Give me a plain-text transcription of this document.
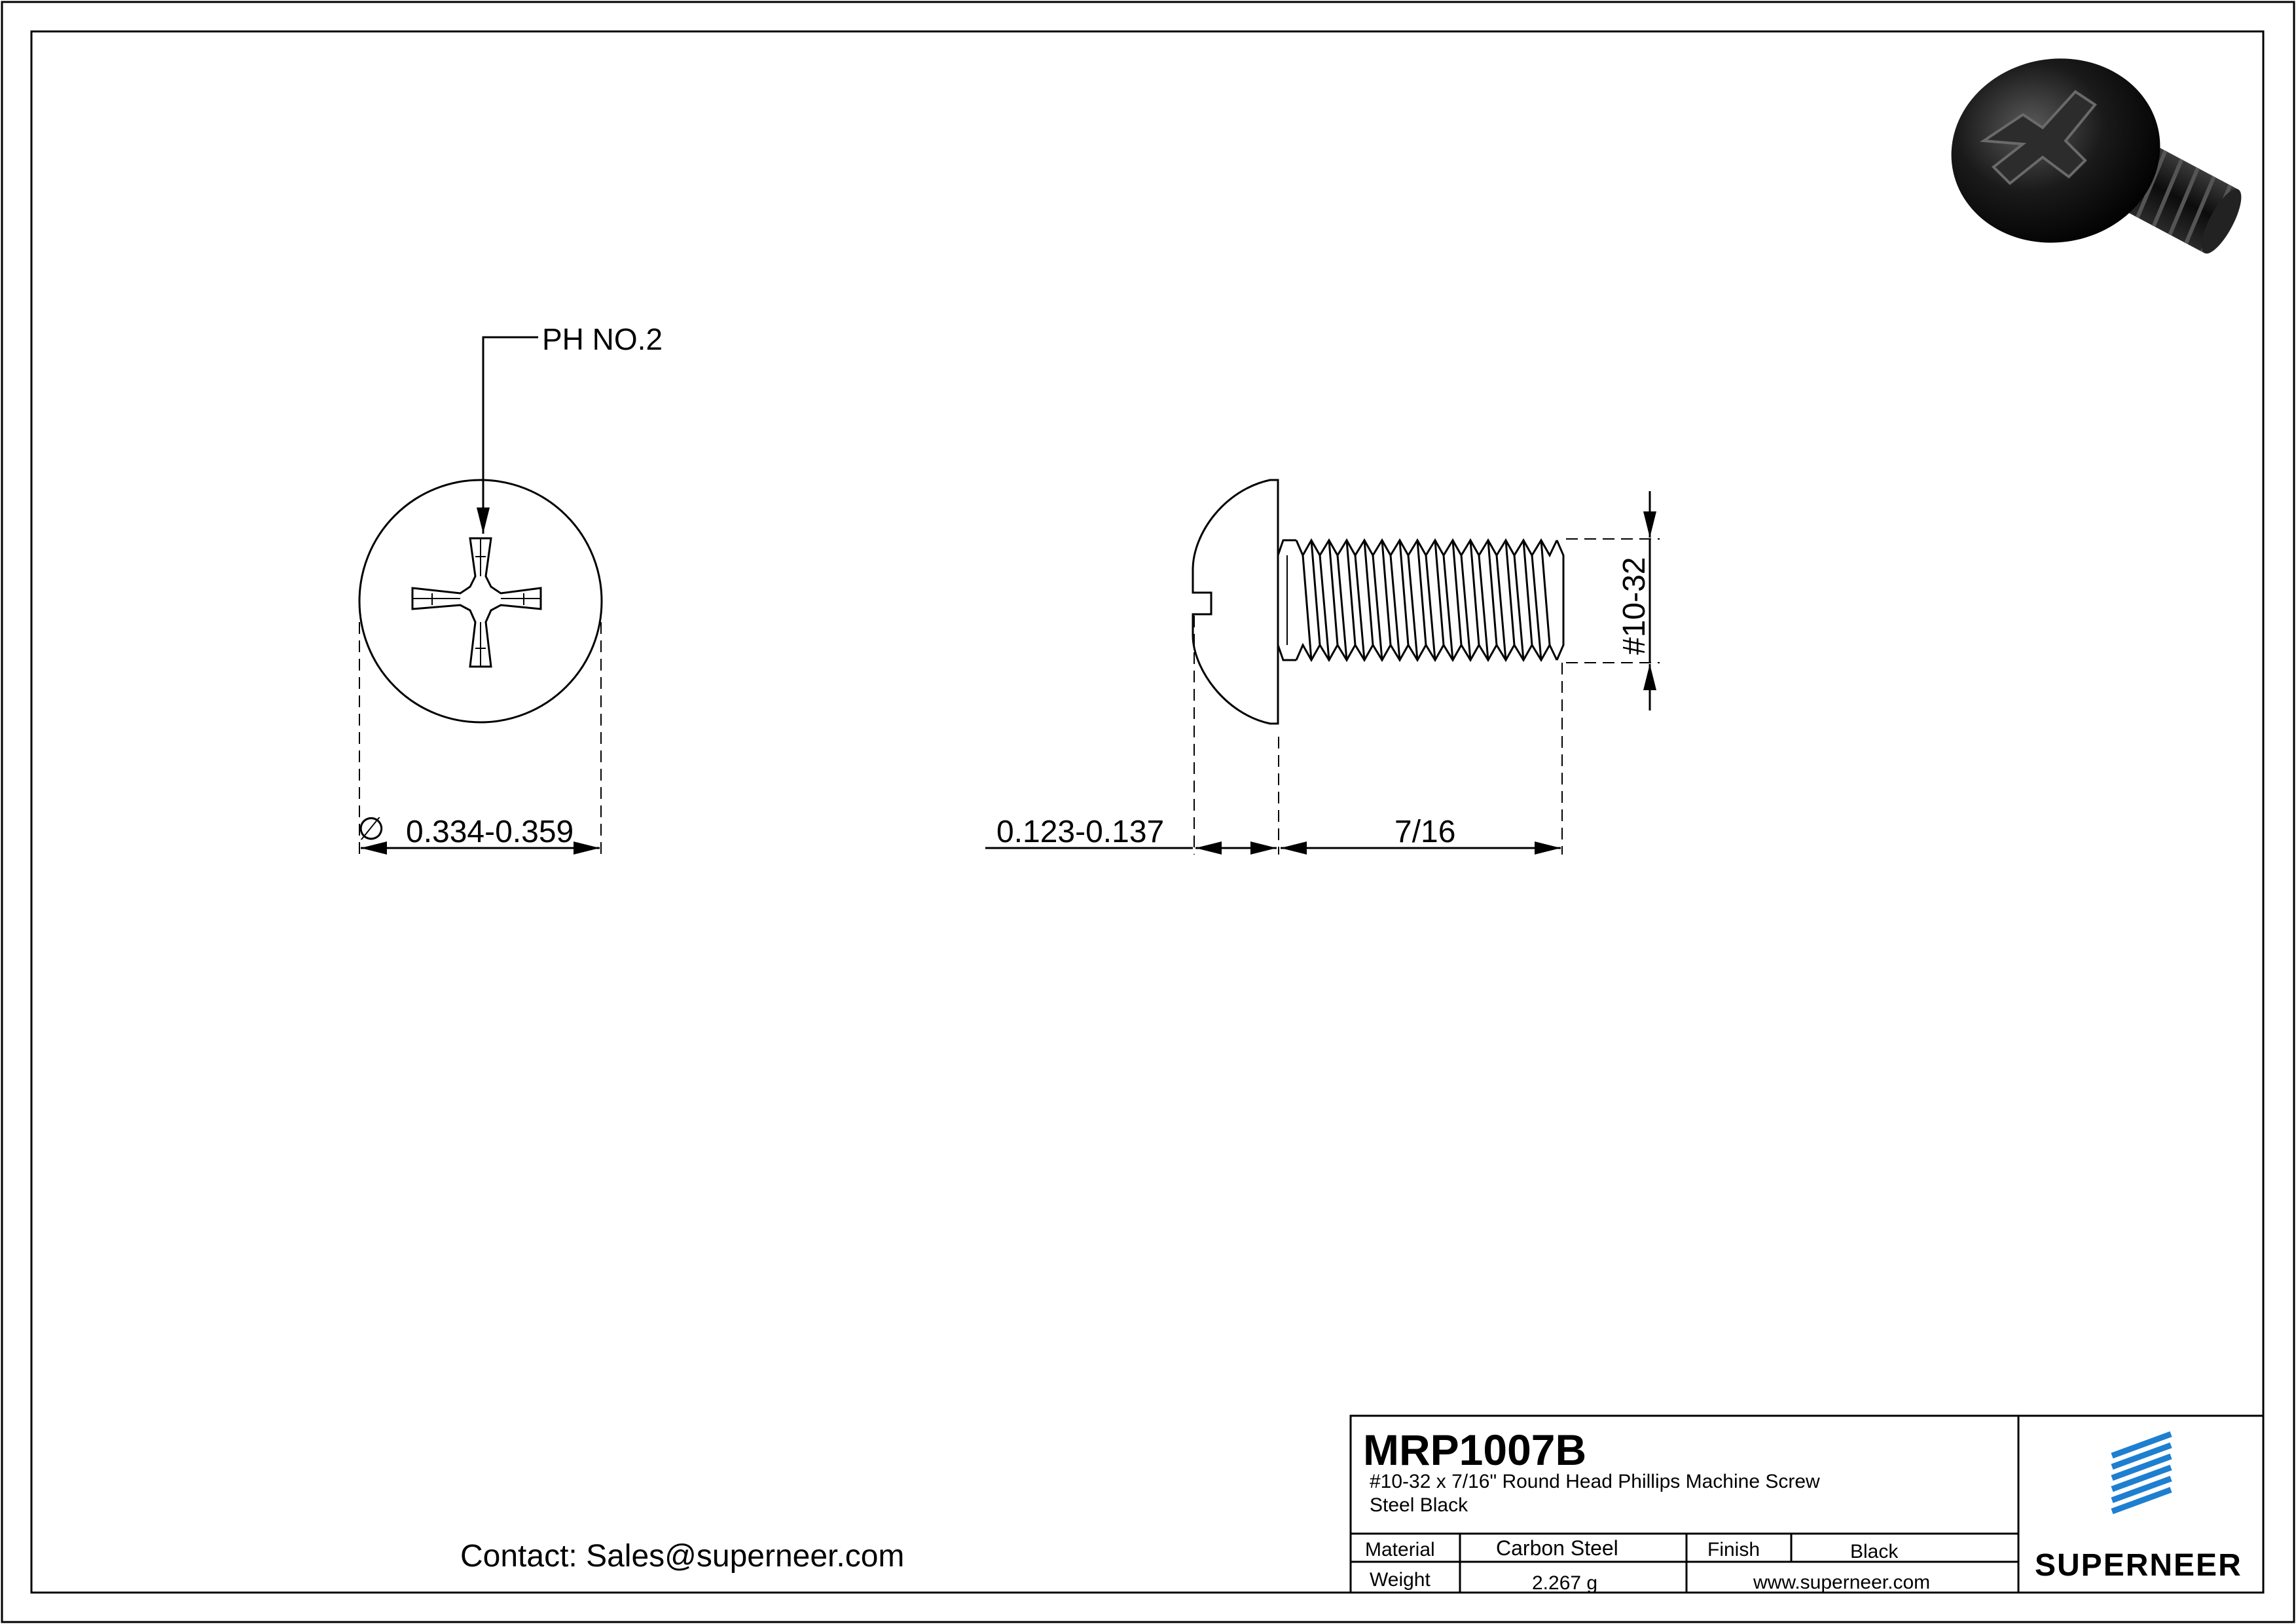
PH NO.2
∅ 0.334-0.359
#10-32
0.123-0.137	7/16
Contact: Sales@superneer.com
MRP1007B
#10-32 x 7/16" Round Head Phillips Machine Screw
Steel Black
Material	Carbon Steel	Finish	Black
Weight	2.267 g	www.superneer.com	SUPERNEER
